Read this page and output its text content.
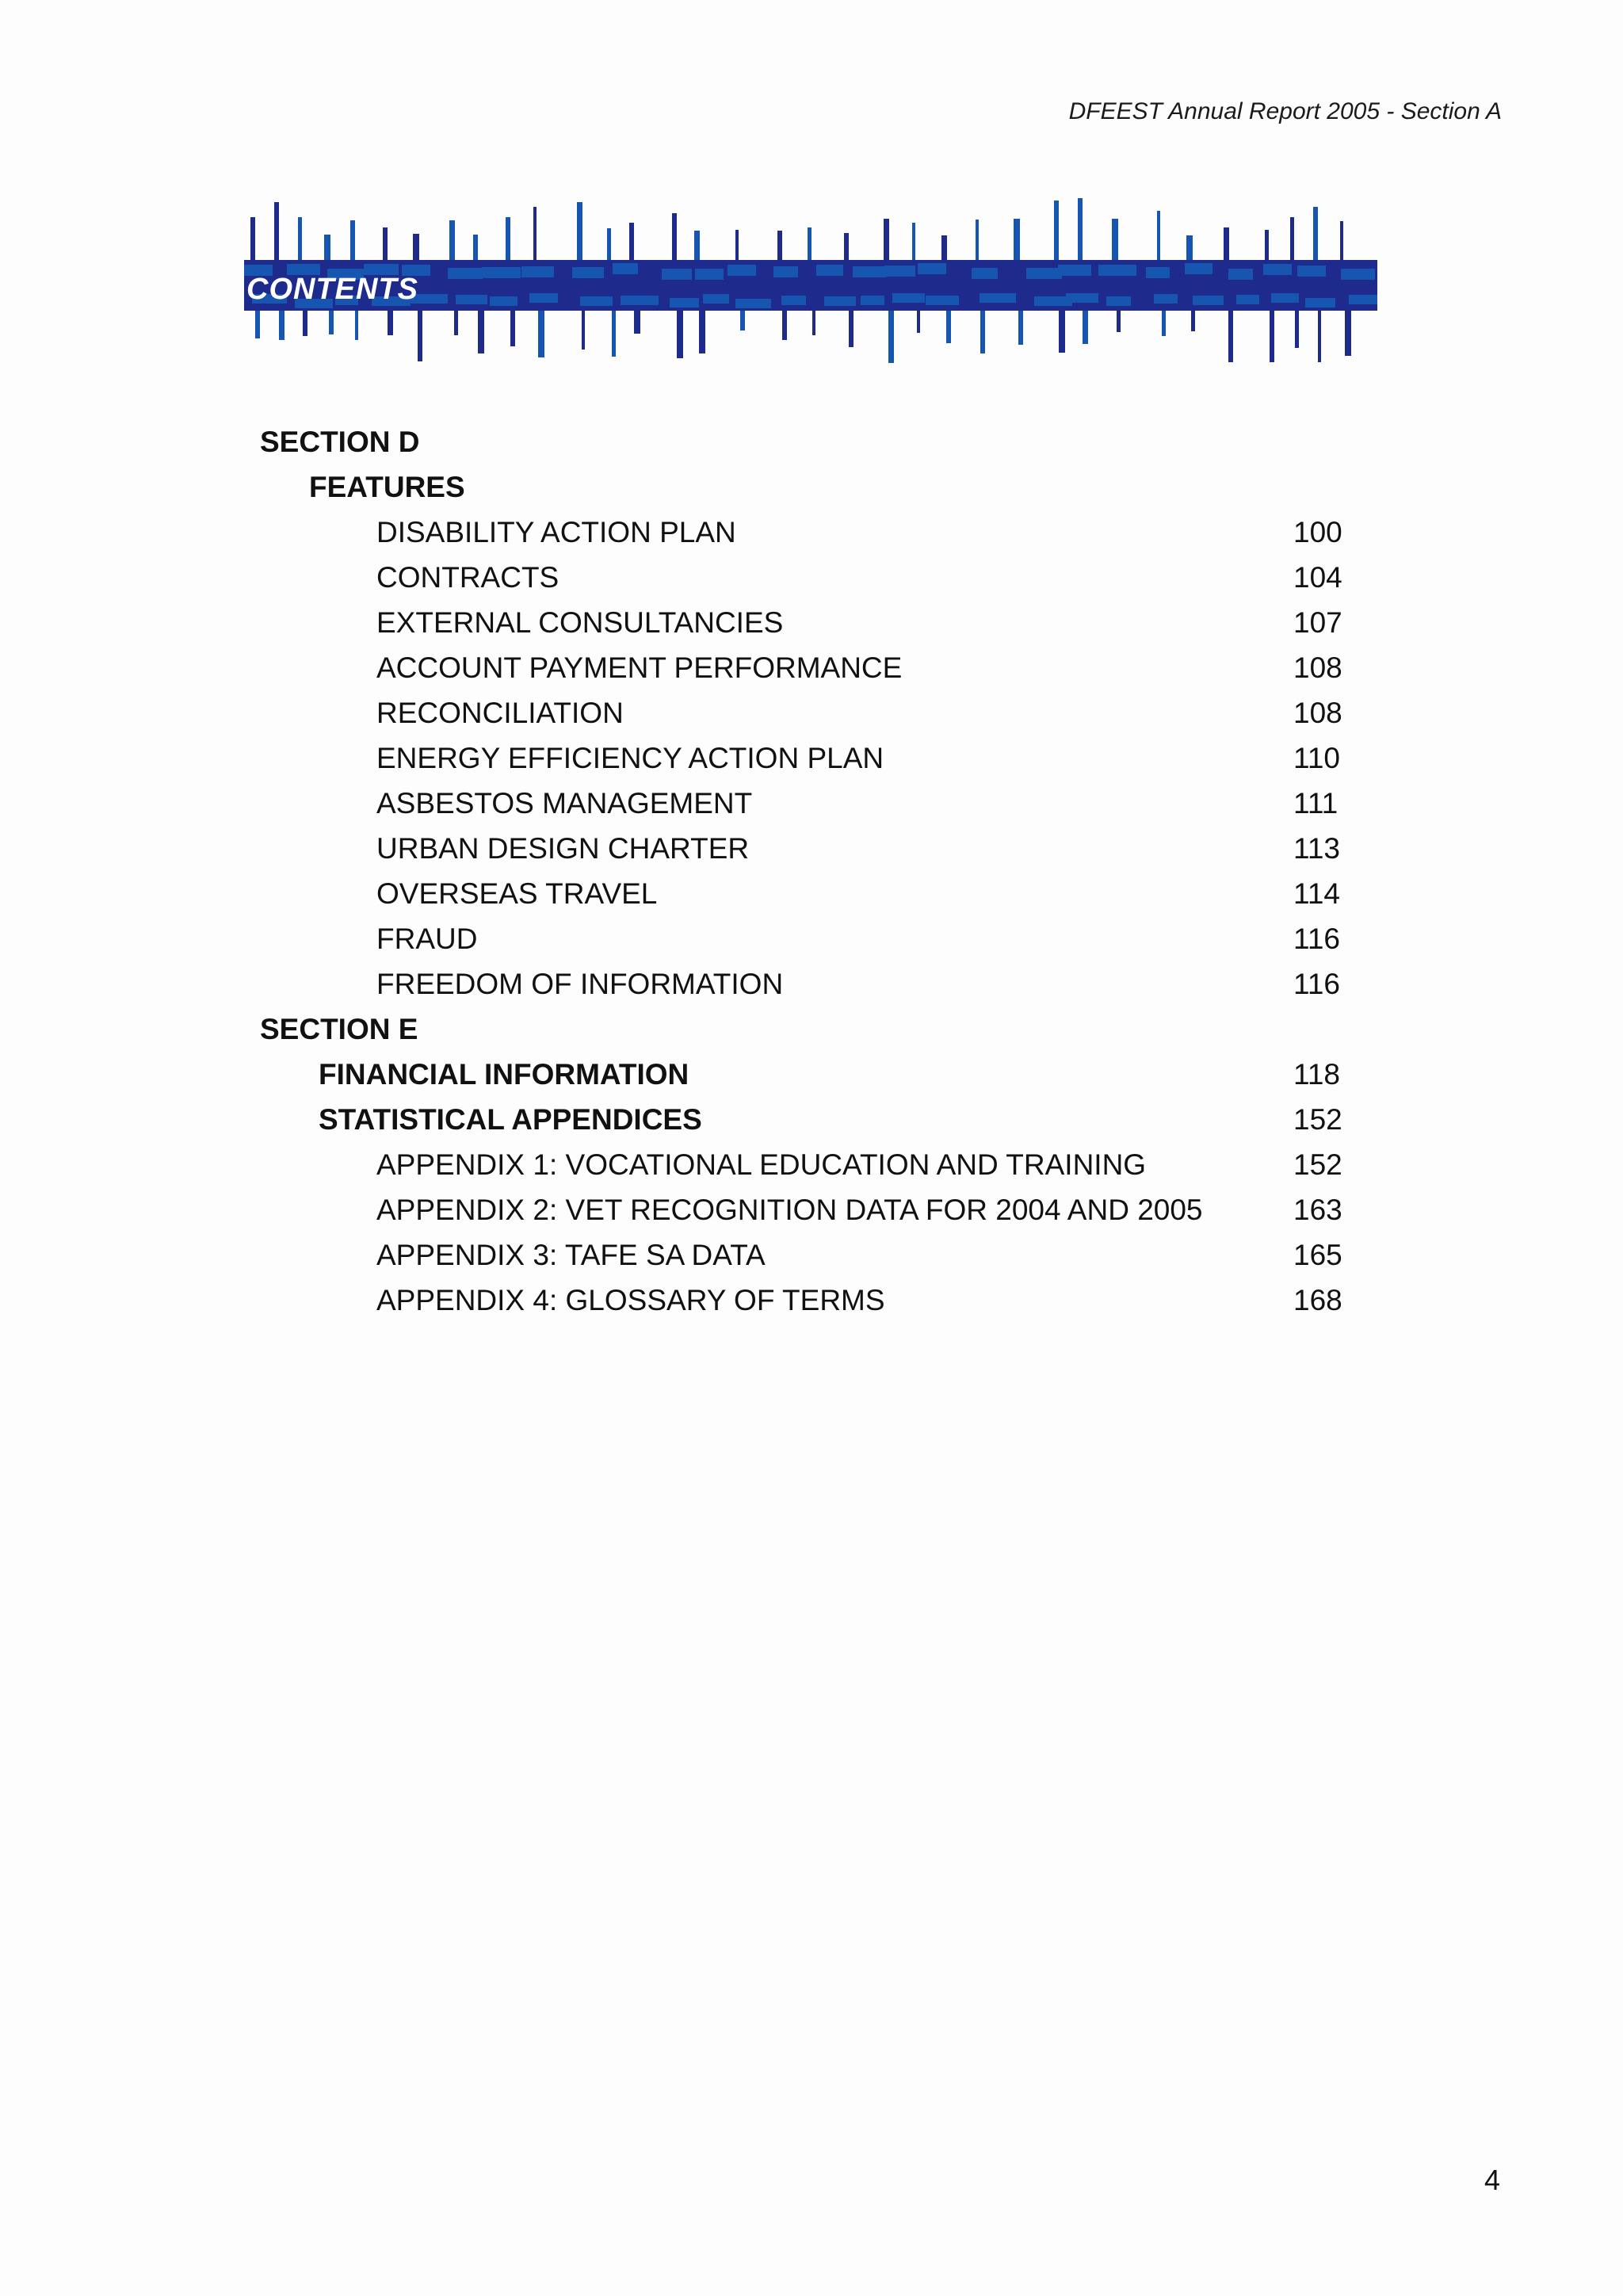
DFEEST Annual Report 2005 - Section A
CONTENTS
SECTION D
FEATURES
DISABILITY ACTION PLAN	100
CONTRACTS	104
EXTERNAL CONSULTANCIES	107
ACCOUNT PAYMENT PERFORMANCE	108
RECONCILIATION	108
ENERGY EFFICIENCY ACTION PLAN	110
ASBESTOS MANAGEMENT	111
URBAN DESIGN CHARTER	113
OVERSEAS TRAVEL	114
FRAUD	116
FREEDOM OF INFORMATION	116
SECTION E
FINANCIAL INFORMATION	118
STATISTICAL APPENDICES	152
APPENDIX 1: VOCATIONAL EDUCATION AND TRAINING	152
APPENDIX 2: VET RECOGNITION DATA FOR 2004 AND 2005	163
APPENDIX 3: TAFE SA DATA	165
APPENDIX 4: GLOSSARY OF TERMS	168
4
